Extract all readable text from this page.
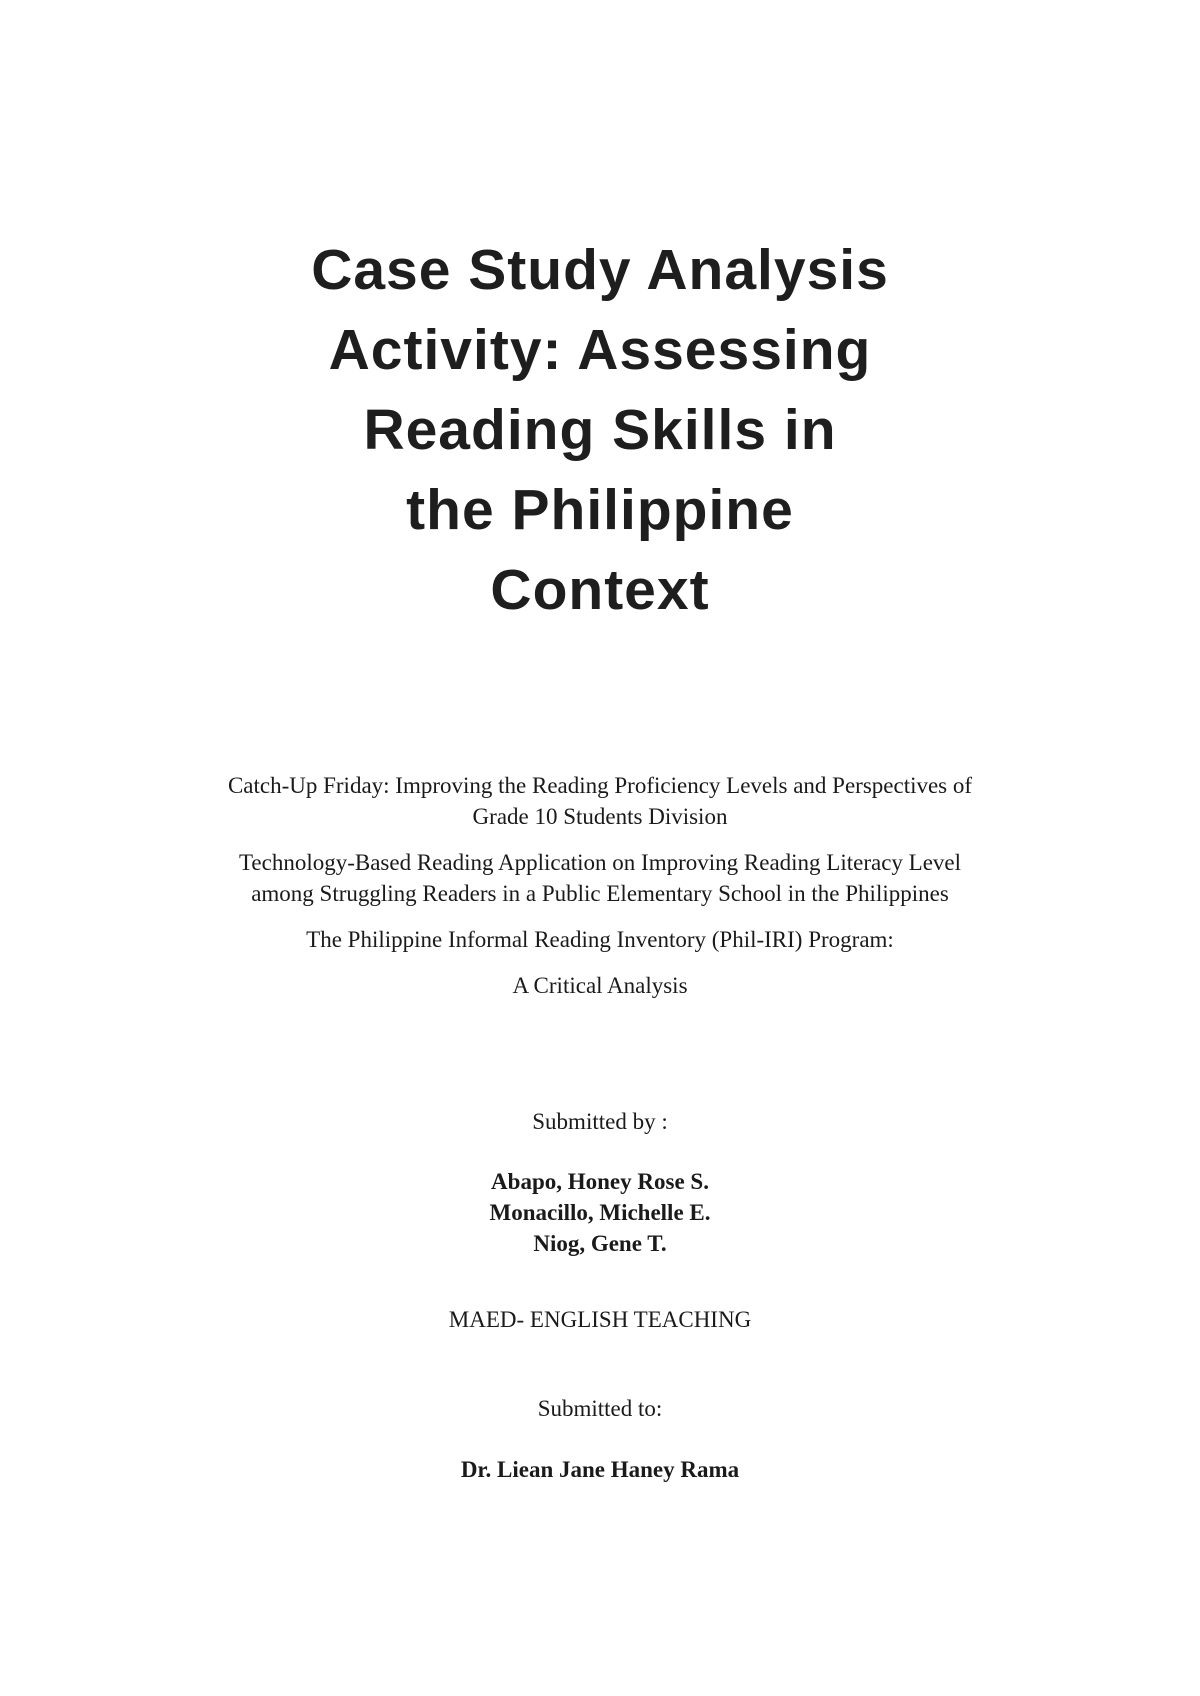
Case Study Analysis
Activity: Assessing
Reading Skills in
the Philippine
Context
Catch-Up Friday: Improving the Reading Proficiency Levels and Perspectives of
Grade 10 Students Division
Technology-Based Reading Application on Improving Reading Literacy Level
among Struggling Readers in a Public Elementary School in the Philippines
The Philippine Informal Reading Inventory (Phil-IRI) Program:
A Critical Analysis
Submitted by :
Abapo, Honey Rose S.
Monacillo, Michelle E.
Niog, Gene T.
MAED- ENGLISH TEACHING
Submitted to:
Dr. Liean Jane Haney Rama
